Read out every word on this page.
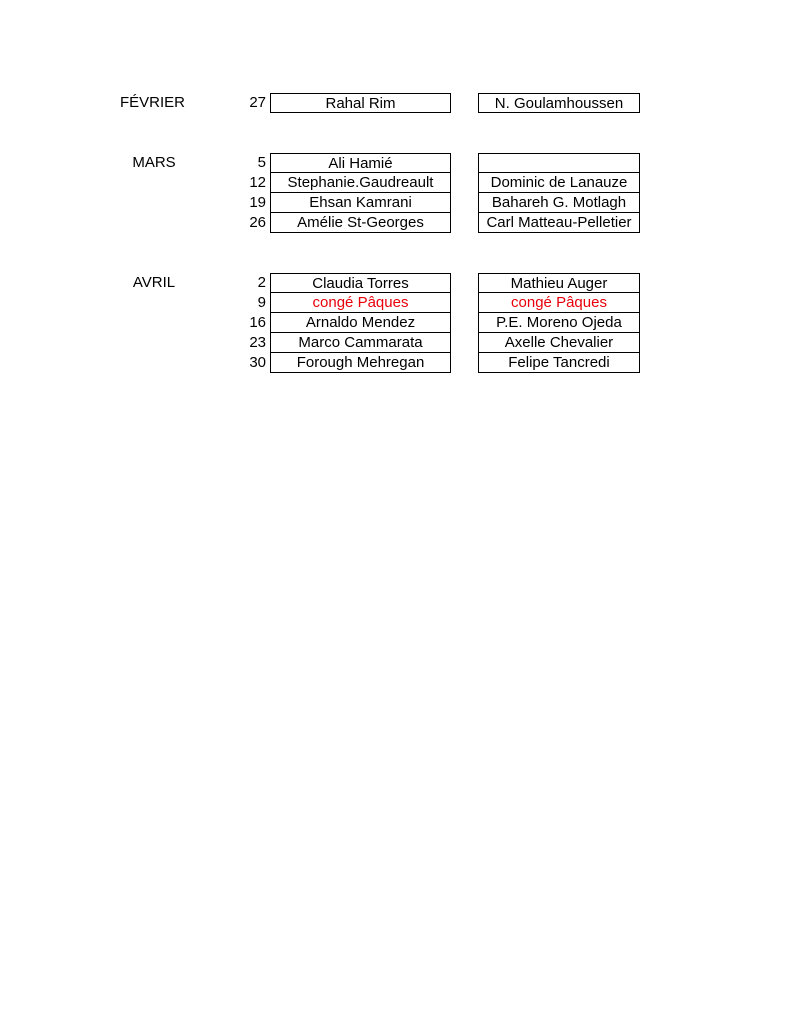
FÉVRIER	27	Rahal Rim	N. Goulamhoussen
MARS	5	Ali Hamié
12	Stephanie.Gaudreault	Dominic de Lanauze
19	Ehsan Kamrani	Bahareh G. Motlagh
26	Amélie St-Georges	Carl Matteau-Pelletier
AVRIL	2	Claudia Torres	Mathieu Auger
9	congé Pâques	congé Pâques
16	Arnaldo Mendez	P.E. Moreno Ojeda
23	Marco Cammarata	Axelle Chevalier
30	Forough Mehregan	Felipe Tancredi
